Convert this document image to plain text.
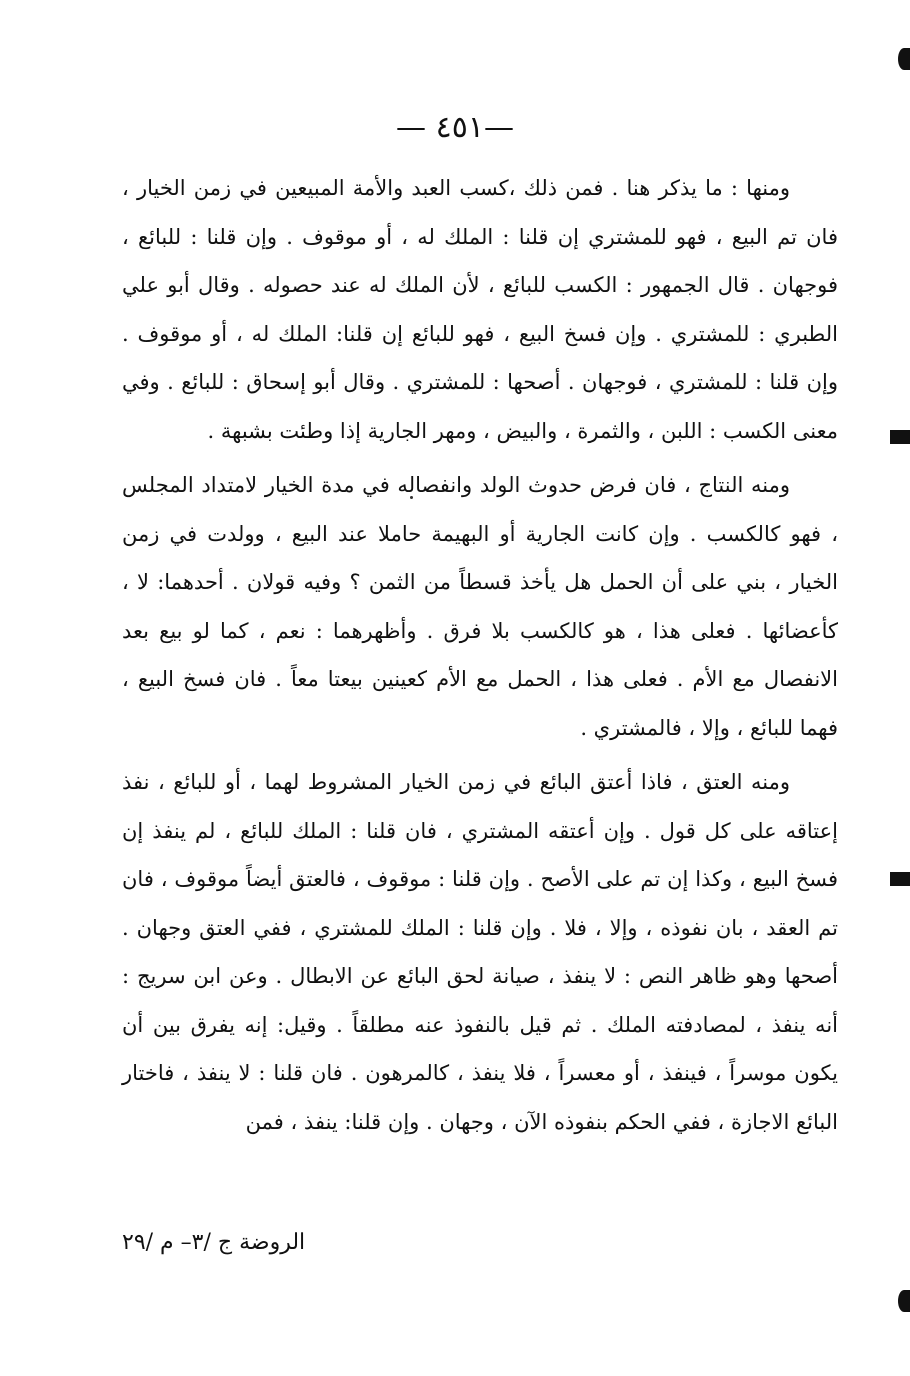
— ٤٥١—

ومنها : ما يذكر هنا . فمن ذلك ،كسب العبد والأمة المبيعين في زمن الخيار ، فان تم البيع ، فهو للمشتري إن قلنا : الملك له ، أو موقوف . وإن قلنا : للبائع ، فوجهان . قال الجمهور : الكسب للبائع ، لأن الملك له عند حصوله . وقال أبو علي الطبري : للمشتري . وإن فسخ البيع ، فهو للبائع إن قلنا: الملك له ، أو موقوف . وإن قلنا : للمشتري ، فوجهان . أصحها : للمشتري . وقال أبو إسحاق : للبائع . وفي معنى الكسب : اللبن ، والثمرة ، والبيض ، ومهر الجارية إذا وطئت بشبهة .

ومنه النتاج ، فان فرض حدوث الولد وانفصاله في مدة الخيار لامتداد المجلس ، فهو كالكسب . وإن كانت الجارية أو البهيمة حاملا عند البيع ، وولدت في زمن الخيار ، بني على أن الحمل هل يأخذ قسطاً من الثمن ؟ وفيه قولان . أحدهما: لا ، كأعضائها . فعلى هذا ، هو كالكسب بلا فرق . وأظهرهما : نعم ، كما لو بيع بعد الانفصال مع الأم . فعلى هذا ، الحمل مع الأم كعينين بيعتا معاً . فان فسخ البيع ، فهما للبائع ، وإلا ، فالمشتري .

ومنه العتق ، فاذا أعتق البائع في زمن الخيار المشروط لهما ، أو للبائع ، نفذ إعتاقه على كل قول . وإن أعتقه المشتري ، فان قلنا : الملك للبائع ، لم ينفذ إن فسخ البيع ، وكذا إن تم على الأصح . وإن قلنا : موقوف ، فالعتق أيضاً موقوف ، فان تم العقد ، بان نفوذه ، وإلا ، فلا . وإن قلنا : الملك للمشتري ، ففي العتق وجهان . أصحها وهو ظاهر النص : لا ينفذ ، صيانة لحق البائع عن الابطال . وعن ابن سريج : أنه ينفذ ، لمصادفته الملك . ثم قيل بالنفوذ عنه مطلقاً . وقيل: إنه يفرق بين أن يكون موسراً ، فينفذ ، أو معسراً ، فلا ينفذ ، كالمرهون . فان قلنا : لا ينفذ ، فاختار البائع الاجازة ، ففي الحكم بنفوذه الآن ، وجهان . وإن قلنا: ينفذ ، فمن

الروضة ج /٣– م /٢٩
